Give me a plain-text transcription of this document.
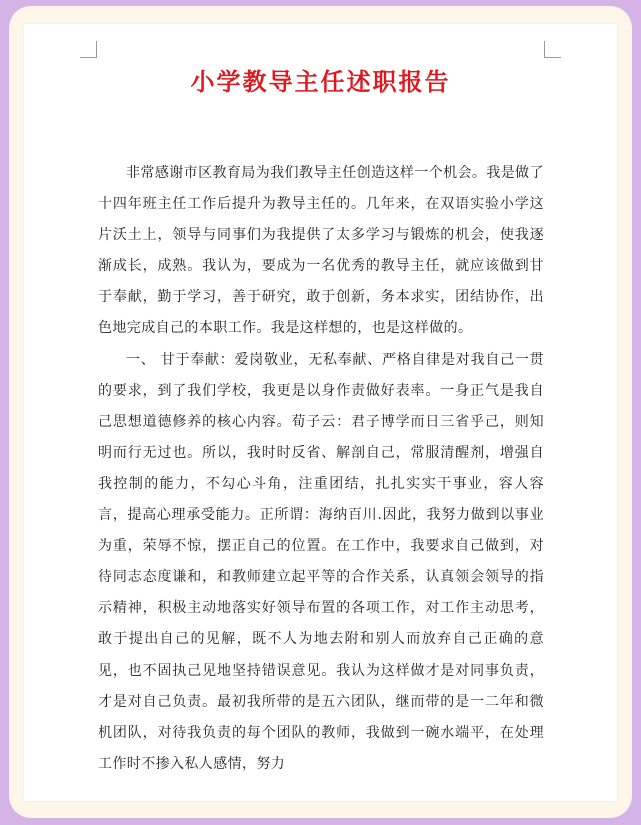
小学教导主任述职报告

非常感谢市区教育局为我们教导主任创造这样一个机会。我是做了十四年班主任工作后提升为教导主任的。几年来，在双语实验小学这片沃土上，领导与同事们为我提供了太多学习与锻炼的机会，使我逐渐成长，成熟。我认为，要成为一名优秀的教导主任，就应该做到甘于奉献，勤于学习，善于研究，敢于创新，务本求实，团结协作，出色地完成自己的本职工作。我是这样想的，也是这样做的。

一、 甘于奉献：爱岗敬业，无私奉献、严格自律是对我自己一贯的要求，到了我们学校，我更是以身作责做好表率。一身正气是我自己思想道德修养的核心内容。荀子云：君子博学而日三省乎己，则知明而行无过也。所以，我时时反省、解剖自己，常服清醒剂，增强自我控制的能力，不勾心斗角，注重团结，扎扎实实干事业，容人容言，提高心理承受能力。正所谓：海纳百川.因此，我努力做到以事业为重，荣辱不惊，摆正自己的位置。在工作中，我要求自己做到，对待同志态度谦和，和教师建立起平等的合作关系，认真领会领导的指示精神，积极主动地落实好领导布置的各项工作，对工作主动思考，敢于提出自己的见解，既不人为地去附和别人而放弃自己正确的意见，也不固执己见地坚持错误意见。我认为这样做才是对同事负责，才是对自己负责。最初我所带的是五六团队，继而带的是一二年和微机团队，对待我负责的每个团队的教师，我做到一碗水端平，在处理工作时不掺入私人感情，努力
